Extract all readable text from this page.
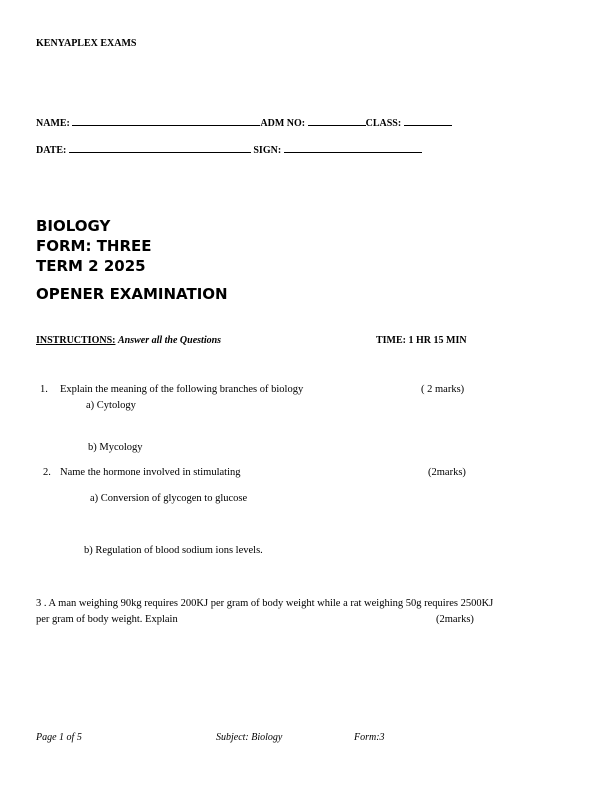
KENYAPLEX EXAMS
NAME:	ADM NO:	CLASS:
DATE:	SIGN:
BIOLOGY
FORM: THREE
TERM 2 2025
OPENER EXAMINATION
INSTRUCTIONS: Answer all the Questions	TIME: 1 HR 15 MIN
1. Explain the meaning of the following branches of biology	( 2 marks)
a) Cytology
b) Mycology
2. Name the hormone involved in stimulating	(2marks)
a) Conversion of glycogen to glucose
b) Regulation of blood sodium ions levels.
3 . A man weighing 90kg requires 200KJ per gram of body weight while a rat weighing 50g requires 2500KJ
per gram of body weight. Explain	(2marks)
Page 1 of 5	Subject: Biology	Form:3
